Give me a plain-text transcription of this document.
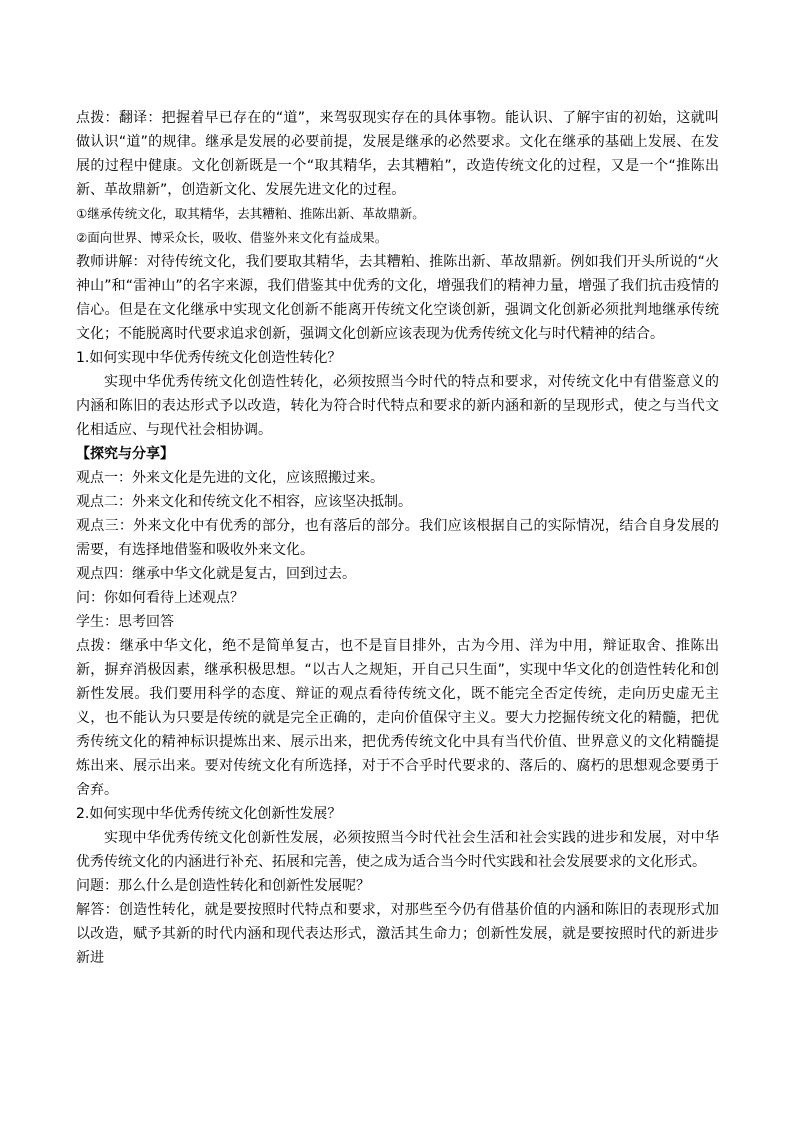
点拨：翻译：把握着早已存在的“道”，来驾驭现实存在的具体事物。能认识、了解宇宙的初始，这就叫做认识“道”的规律。继承是发展的必要前提，发展是继承的必然要求。文化在继承的基础上发展、在发展的过程中健康。文化创新既是一个“取其精华，去其糟粕”，改造传统文化的过程，又是一个“推陈出新、革故鼎新”，创造新文化、发展先进文化的过程。

①继承传统文化，取其精华，去其糟粕、推陈出新、革故鼎新。

②面向世界、博采众长，吸收、借鉴外来文化有益成果。

教师讲解：对待传统文化，我们要取其精华，去其糟粕、推陈出新、革故鼎新。例如我们开头所说的“火神山”和“雷神山”的名字来源，我们借鉴其中优秀的文化，增强我们的精神力量，增强了我们抗击疫情的信心。但是在文化继承中实现文化创新不能离开传统文化空谈创新，强调文化创新必须批判地继承传统文化；不能脱离时代要求追求创新，强调文化创新应该表现为优秀传统文化与时代精神的结合。

1.如何实现中华优秀传统文化创造性转化？

实现中华优秀传统文化创造性转化，必须按照当今时代的特点和要求，对传统文化中有借鉴意义的内涵和陈旧的表达形式予以改造，转化为符合时代特点和要求的新内涵和新的呈现形式，使之与当代文化相适应、与现代社会相协调。

【探究与分享】

观点一：外来文化是先进的文化，应该照搬过来。

观点二：外来文化和传统文化不相容，应该坚决抵制。

观点三：外来文化中有优秀的部分，也有落后的部分。我们应该根据自己的实际情况，结合自身发展的需要，有选择地借鉴和吸收外来文化。

观点四：继承中华文化就是复古，回到过去。

问：你如何看待上述观点？

学生：思考回答

点拨：继承中华文化，绝不是简单复古，也不是盲目排外，古为今用、洋为中用，辩证取舍、推陈出新，摒弃消极因素，继承积极思想。“以古人之规矩，开自己只生面”，实现中华文化的创造性转化和创新性发展。我们要用科学的态度、辩证的观点看待传统文化，既不能完全否定传统，走向历史虚无主义，也不能认为只要是传统的就是完全正确的，走向价值保守主义。要大力挖掘传统文化的精髓，把优秀传统文化的精神标识提炼出来、展示出来，把优秀传统文化中具有当代价值、世界意义的文化精髓提炼出来、展示出来。要对传统文化有所选择，对于不合乎时代要求的、落后的、腐朽的思想观念要勇于舍弃。

2.如何实现中华优秀传统文化创新性发展？

实现中华优秀传统文化创新性发展，必须按照当今时代社会生活和社会实践的进步和发展，对中华优秀传统文化的内涵进行补充、拓展和完善，使之成为适合当今时代实践和社会发展要求的文化形式。

问题：那么什么是创造性转化和创新性发展呢？

解答：创造性转化，就是要按照时代特点和要求，对那些至今仍有借基价值的内涵和陈旧的表现形式加以改造，赋予其新的时代内涵和现代表达形式，激活其生命力；创新性发展，就是要按照时代的新进步新进
